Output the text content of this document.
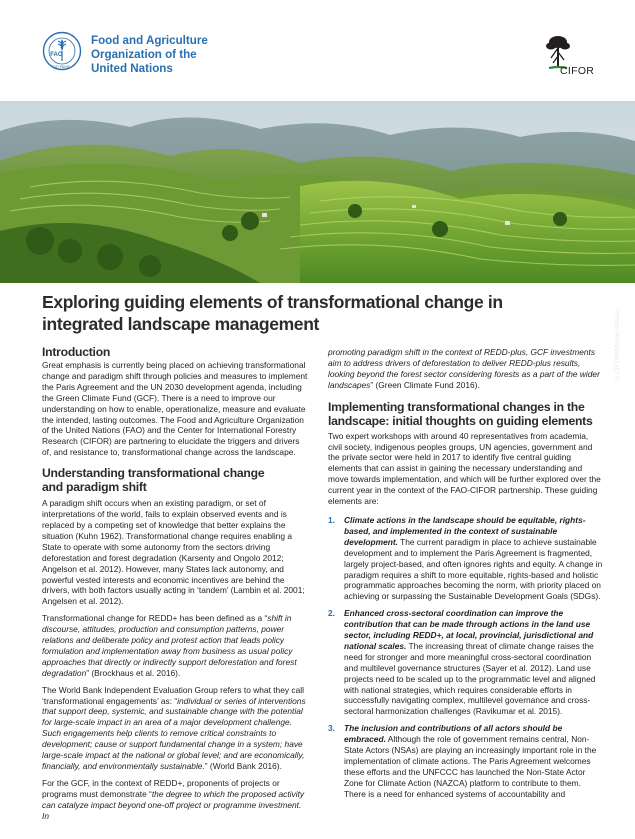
FAO
FIAT PANIS
Food and Agriculture
Organization of the
United Nations	CIFOR
©CIFOR/Alfredo Aliseca
Exploring guiding elements of transformational change in
integrated landscape management
Introduction

Great emphasis is currently being placed on achieving transformational change and paradigm shift through policies and measures to implement the Paris Agreement and the UN 2030 development agenda, including the Green Climate Fund (GCF). There is a need to improve our understanding on how to enable, operationalize, measure and evaluate the intended, lasting outcomes. The Food and Agriculture Organization of the United Nations (FAO) and the Center for International Forestry Research (CIFOR) are partnering to elucidate the triggers and drivers of, and resistance to, transformational change across the landscape.

Understanding transformational change
and paradigm shift

A paradigm shift occurs when an existing paradigm, or set of interpretations of the world, fails to explain observed events and is replaced by a competing set of knowledge that better explains the situation (Kuhn 1962). Transformational change requires enabling a State to operate with some autonomy from the sectors driving deforestation and forest degradation (Karsenty and Ongolo 2012; Angelson et al. 2012). However, many States lack autonomy, and powerful vested interests and economic incentives are behind the drivers, with both factors usually acting in ‘tandem’ (Lambin et al. 2001; Angelsen et al. 2012).

Transformational change for REDD+ has been defined as a “shift in discourse, attitudes, production and consumption patterns, power relations and deliberate policy and protest action that leads policy formulation and implementation away from business as usual policy approaches that directly or indirectly support deforestation and forest degradation” (Brockhaus et al. 2016).

The World Bank Independent Evaluation Group refers to what they call ‘transformational engagements’ as: “individual or series of interventions that support deep, systemic, and sustainable change with the potential for large-scale impact in an area of a major development challenge. Such engagements help clients to remove critical constraints to development; cause or support fundamental change in a system; have large-scale impact at the national or global level; and are economically, financially, and environmentally sustainable.” (World Bank 2016).

For the GCF, in the context of REDD+, proponents of projects or programs must demonstrate “the degree to which the proposed activity can catalyze impact beyond one-off project or programme investment. In

promoting paradigm shift in the context of REDD-plus, GCF investments aim to address drivers of deforestation to deliver REDD-plus results, looking beyond the forest sector considering forests as a part of the wider landscapes” (Green Climate Fund 2016).

Implementing transformational changes in the
landscape: initial thoughts on guiding elements

Two expert workshops with around 40 representatives from academia, civil society, indigenous peoples groups, UN agencies, government and the private sector were held in 2017 to identify five central guiding elements that can assist in gaining the necessary understanding and move towards implementation, and which will be further explored over the current year in the context of the FAO-CIFOR partnership. These guiding elements are:

1. Climate actions in the landscape should be equitable, rights-based, and implemented in the context of sustainable development. The current paradigm in place to achieve sustainable development and to implement the Paris Agreement is fragmented, largely project-based, and often ignores rights and equity. A change in paradigm requires a shift to more equitable, rights-based and holistic programmatic approaches becoming the norm, with priority placed on achieving or surpassing the Sustainable Development Goals (SDGs).
2. Enhanced cross-sectoral coordination can improve the contribution that can be made through actions in the land use sector, including REDD+, at local, provincial, jurisdictional and national scales. The increasing threat of climate change raises the need for stronger and more meaningful cross-sectoral coordination and multilevel governance structures (Sayer et al. 2012). Land use projects need to be scaled up to the programmatic level and aligned with national strategies, which requires considerable efforts in successfully navigating complex, multilevel governance and cross-sectoral harmonization challenges (Ravikumar et al. 2015).
3. The inclusion and contributions of all actors should be embraced. Although the role of government remains central, Non-State Actors (NSAs) are playing an increasingly important role in the implementation of climate actions. The Paris Agreement welcomes these efforts and the UNFCCC has launched the Non-State Actor Zone for Climate Action (NAZCA) platform to contribute to them. There is a need for enhanced systems of accountability and
